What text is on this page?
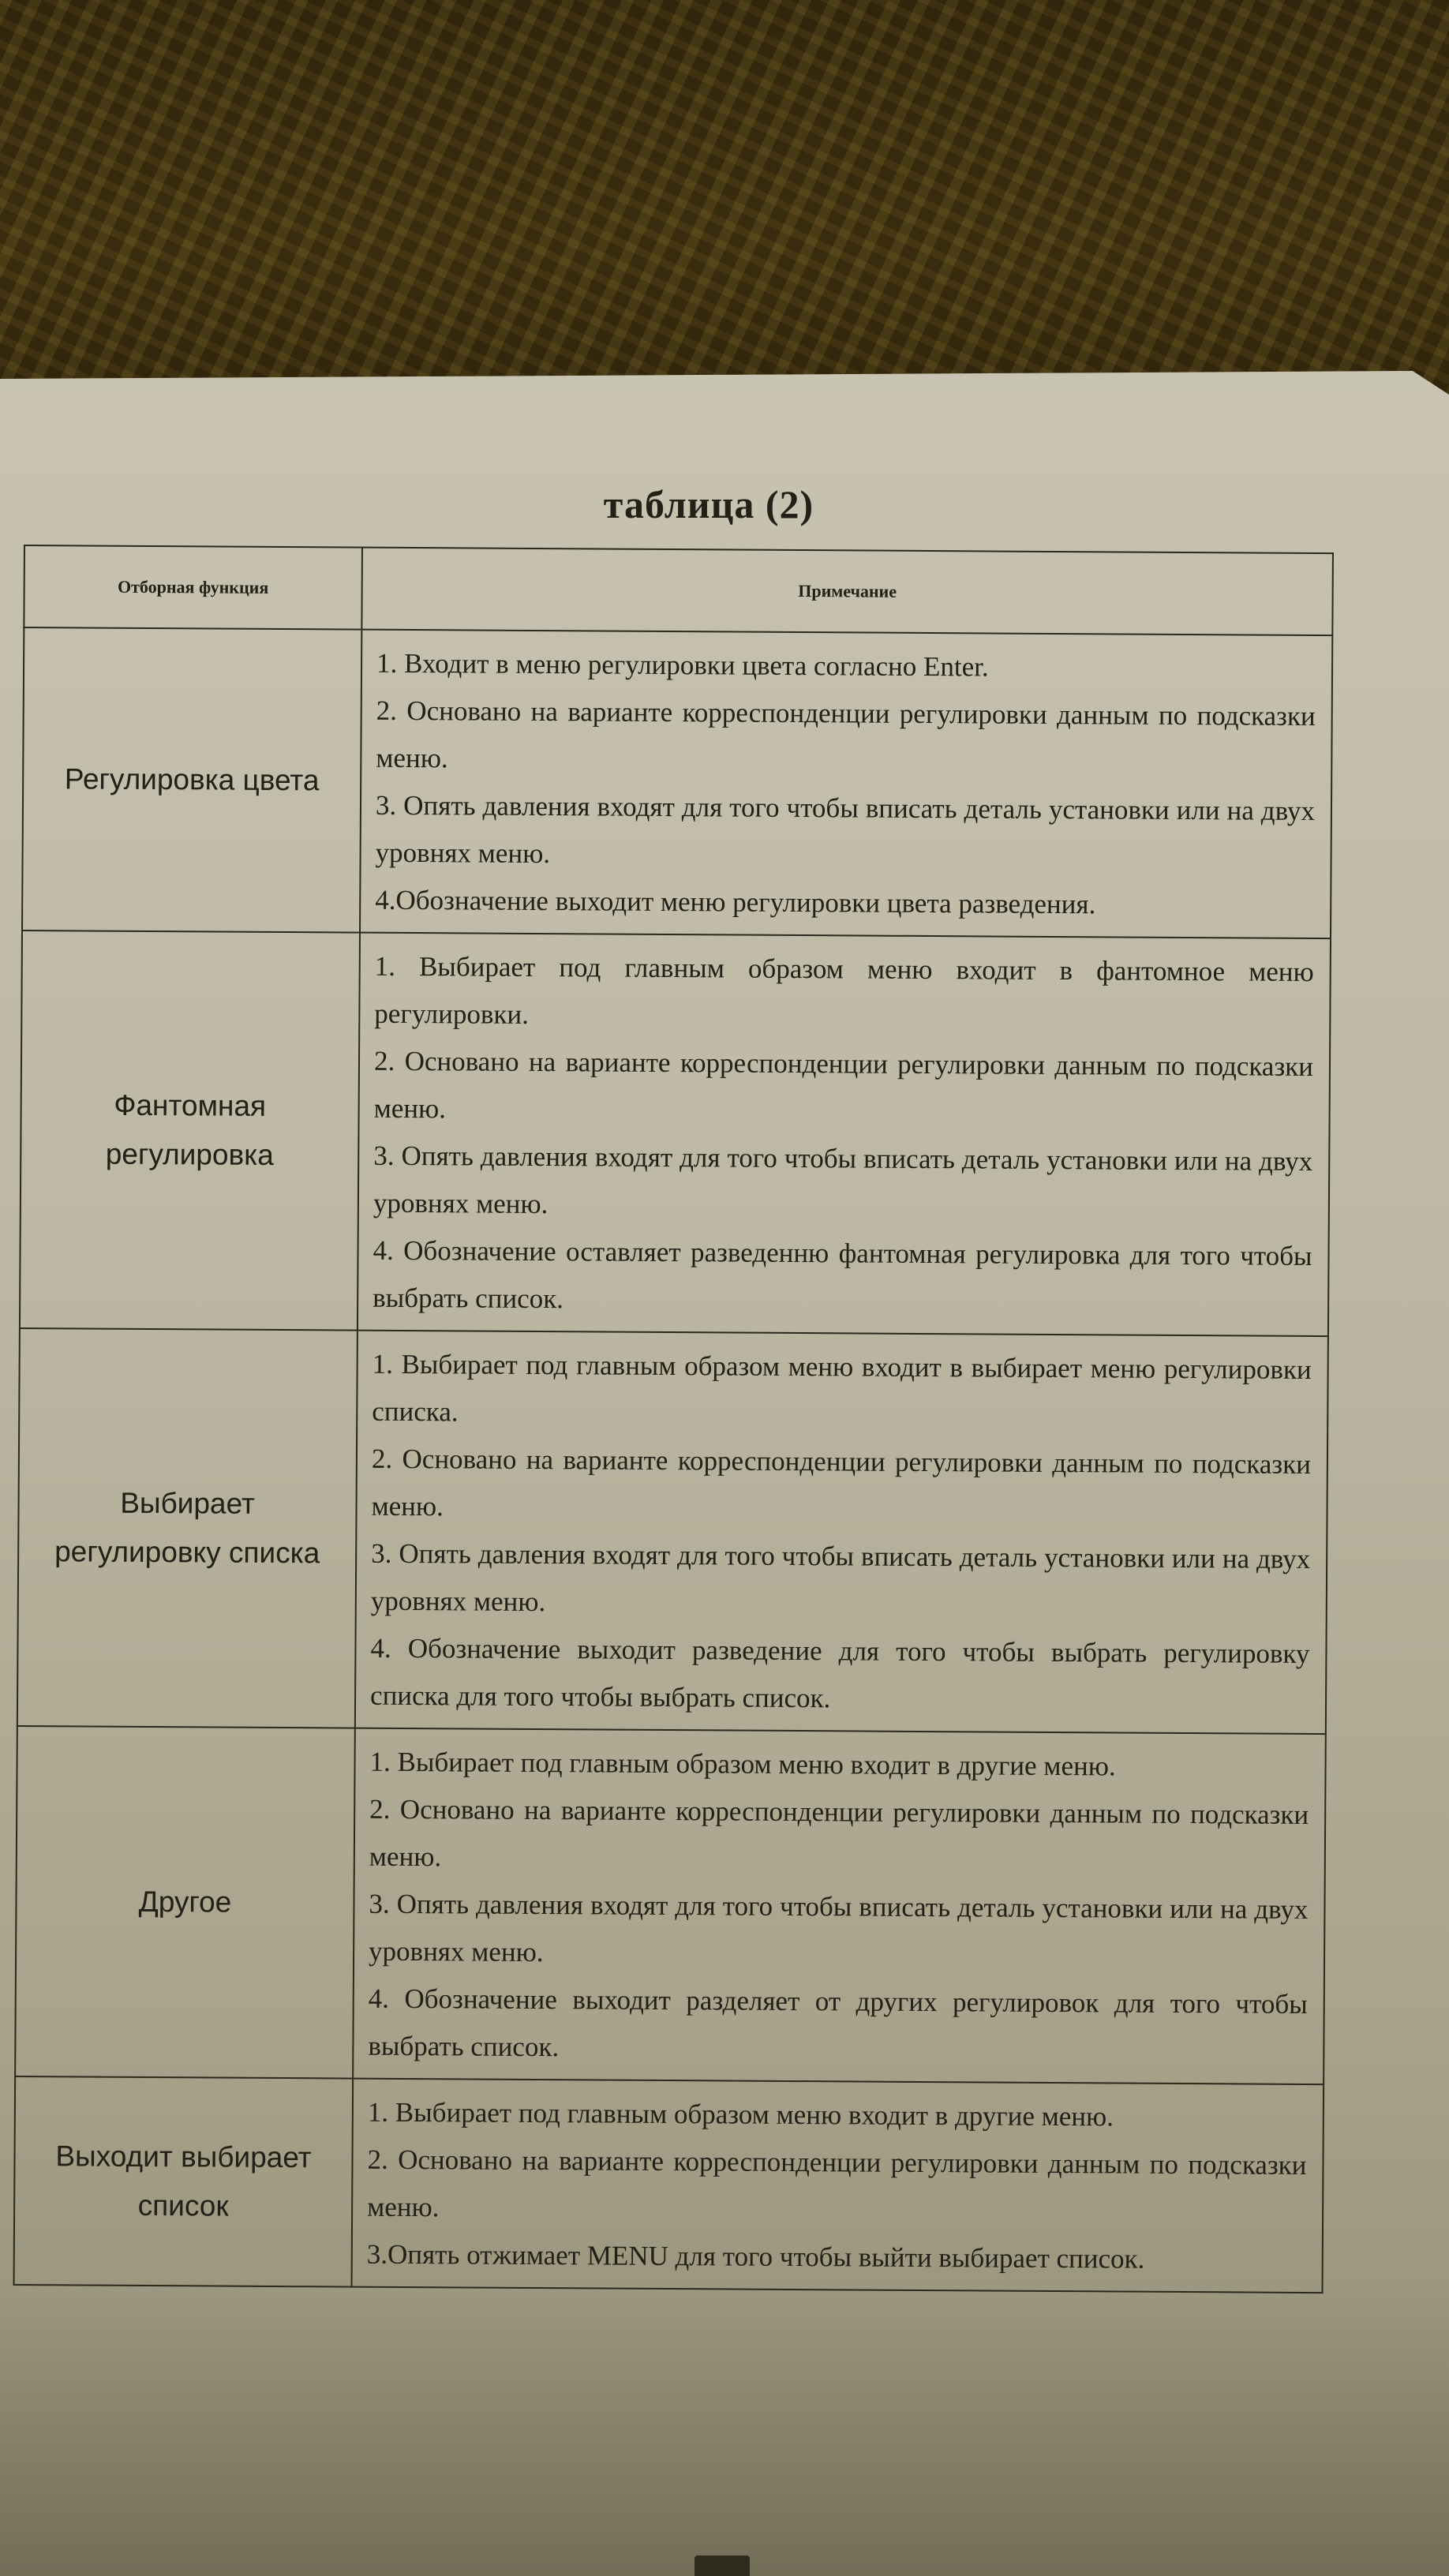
таблица (2)
Отборная функция	Примечание
Регулировка цвета	1. Входит в меню регулировки цвета согласно Enter.

2. Основано на варианте корреспонденции регулировки данным по подсказки меню.

3. Опять давления входят для того чтобы вписать деталь установки или на двух уровнях меню.

4.Обозначение выходит меню регулировки цвета разведения.

Фантомная регулировка	1. Выбирает под главным образом меню входит в фантомное меню регулировки.

2. Основано на варианте корреспонденции регулировки данным по подсказки меню.

3. Опять давления входят для того чтобы вписать деталь установки или на двух уровнях меню.

4. Обозначение оставляет разведенню фантомная регулировка для того чтобы выбрать список.

Выбирает регулировку списка	1. Выбирает под главным образом меню входит в выбирает меню регулировки списка.

2. Основано на варианте корреспонденции регулировки данным по подсказки меню.

3. Опять давления входят для того чтобы вписать деталь установки или на двух уровнях меню.

4. Обозначение выходит разведение для того чтобы выбрать регулировку списка для того чтобы выбрать список.

Другое	1. Выбирает под главным образом меню входит в другие меню.

2. Основано на варианте корреспонденции регулировки данным по подсказки меню.

3. Опять давления входят для того чтобы вписать деталь установки или на двух уровнях меню.

4. Обозначение выходит разделяет от других регулировок для того чтобы выбрать список.

Выходит выбирает список	1. Выбирает под главным образом меню входит в другие меню.

2. Основано на варианте корреспонденции регулировки данным по подсказки меню.

3.Опять отжимает MENU для того чтобы выйти выбирает список.
